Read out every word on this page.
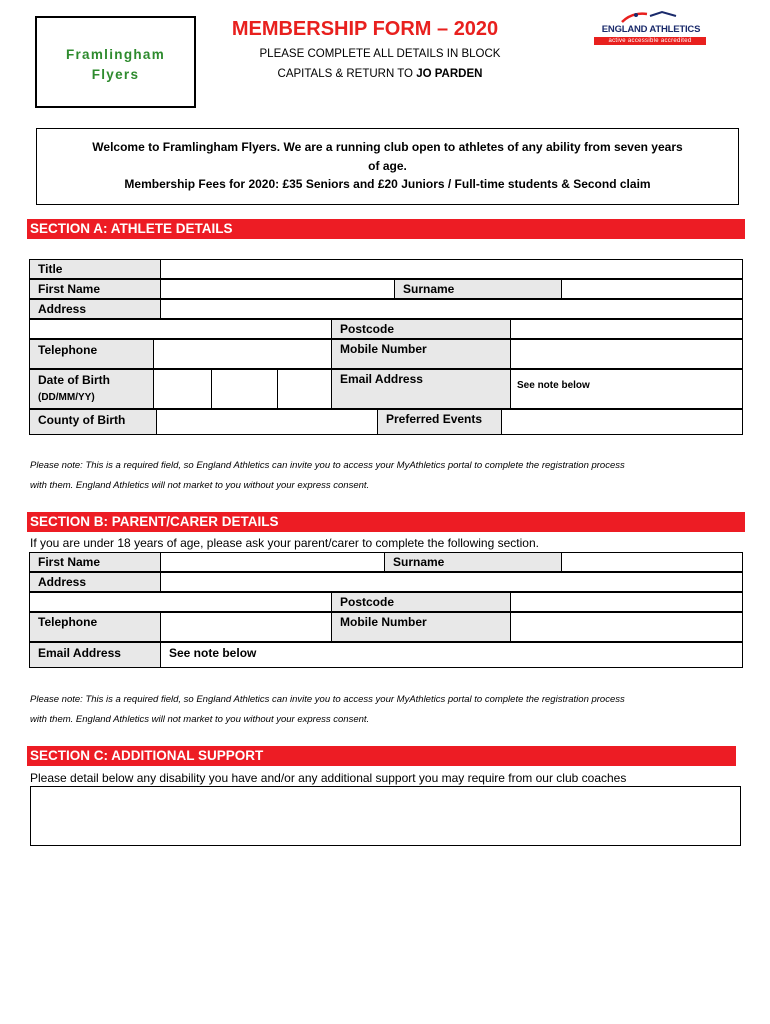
Framlingham
Flyers
MEMBERSHIP FORM – 2020
PLEASE COMPLETE ALL DETAILS IN BLOCK
CAPITALS & RETURN TO JO PARDEN
ENGLAND ATHLETICS
active accessible accredited
Welcome to Framlingham Flyers. We are a running club open to athletes of any ability from seven years
of age.
Membership Fees for 2020: £35 Seniors and £20 Juniors / Full-time students & Second claim
SECTION A: ATHLETE DETAILS
Title
First Name	Surname
Address
Postcode
Telephone	Mobile Number
Date of Birth
(DD/MM/YY)
Email Address	See note below
County of Birth	Preferred Events
Please note: This is a required field, so England Athletics can invite you to access your MyAthletics portal to complete the registration process
with them. England Athletics will not market to you without your express consent.
SECTION B: PARENT/CARER DETAILS
If you are under 18 years of age, please ask your parent/carer to complete the following section.
First Name	Surname
Address
Postcode
Telephone	Mobile Number
Email Address	See note below
Please note: This is a required field, so England Athletics can invite you to access your MyAthletics portal to complete the registration process
with them. England Athletics will not market to you without your express consent.
SECTION C: ADDITIONAL SUPPORT
Please detail below any disability you have and/or any additional support you may require from our club coaches
